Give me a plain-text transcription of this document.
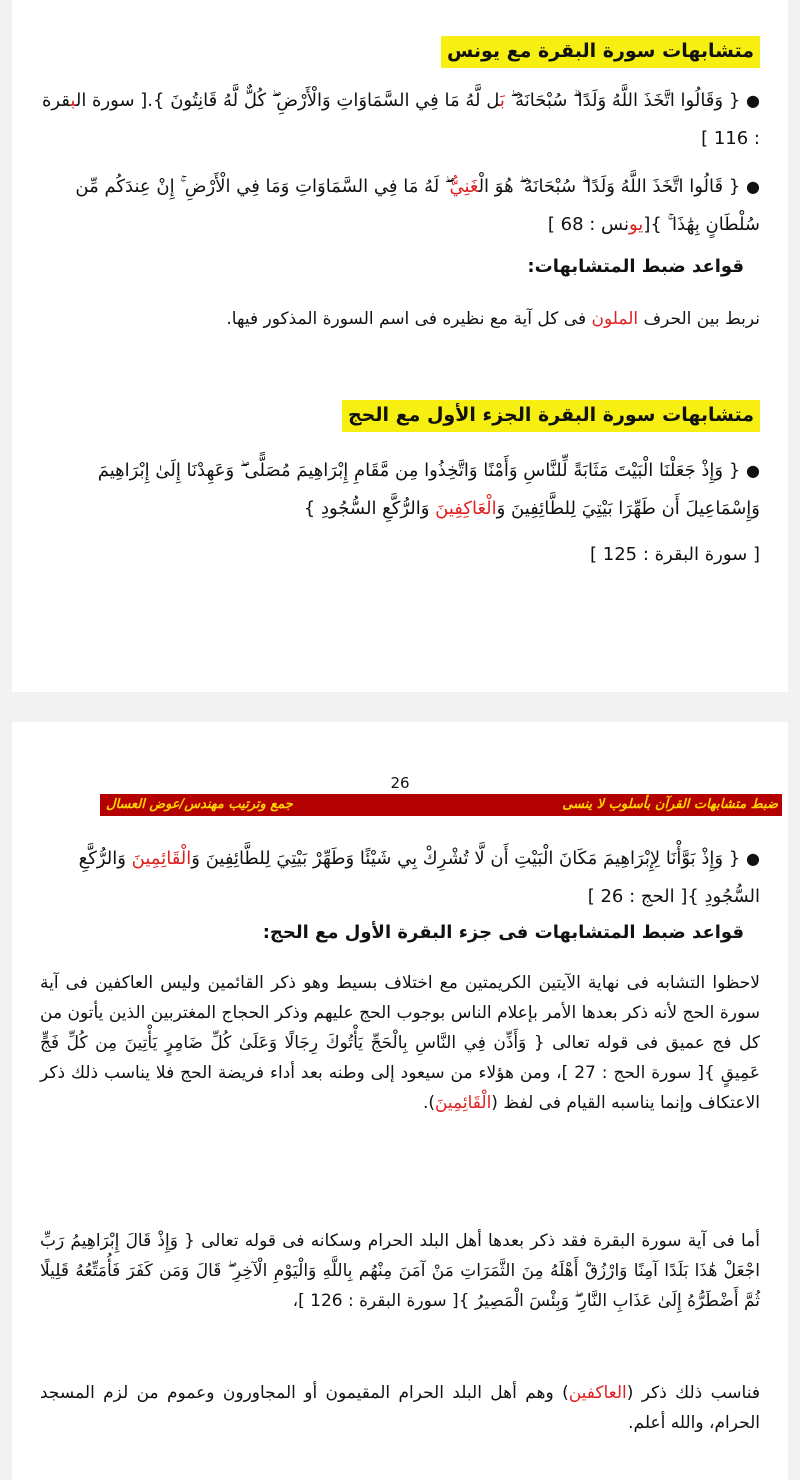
متشابهات سورة البقرة مع يونس
● { وَقَالُوا اتَّخَذَ اللَّهُ وَلَدًا ۗ سُبْحَانَهُ ۖ بَل لَّهُ مَا فِي السَّمَاوَاتِ وَالْأَرْضِ ۖ كُلٌّ لَّهُ قَانِتُونَ }.[ سورة البقرة : 116 ]
● { قَالُوا اتَّخَذَ اللَّهُ وَلَدًا ۗ سُبْحَانَهُ ۖ هُوَ الْغَنِيُّ ۖ لَهُ مَا فِي السَّمَاوَاتِ وَمَا فِي الْأَرْضِ ۚ إِنْ عِندَكُم مِّن سُلْطَانٍ بِهَٰذَا ۚ }[يونس : 68 ]
قواعد ضبط المتشابهات:
نربط بين الحرف الملون فى كل آية مع نظيره فى اسم السورة المذكور فيها.
متشابهات سورة البقرة الجزء الأول مع الحج
● { وَإِذْ جَعَلْنَا الْبَيْتَ مَثَابَةً لِّلنَّاسِ وَأَمْنًا وَاتَّخِذُوا مِن مَّقَامِ إِبْرَاهِيمَ مُصَلًّى ۖ وَعَهِدْنَا إِلَىٰ إِبْرَاهِيمَ وَإِسْمَاعِيلَ أَن طَهِّرَا بَيْتِيَ لِلطَّائِفِينَ وَالْعَاكِفِينَ وَالرُّكَّعِ السُّجُودِ }
[ سورة البقرة : 125 ]
26
ضبط متشابهات القرآن بأسلوب لا ينسى
جمع وترتيب مهندس/عوض العسال
● { وَإِذْ بَوَّأْنَا لِإِبْرَاهِيمَ مَكَانَ الْبَيْتِ أَن لَّا تُشْرِكْ بِي شَيْئًا وَطَهِّرْ بَيْتِيَ لِلطَّائِفِينَ وَالْقَائِمِينَ وَالرُّكَّعِ السُّجُودِ }[ الحج : 26 ]
قواعد ضبط المتشابهات فى جزء البقرة الأول مع الحج:
لاحظوا التشابه فى نهاية الآيتين الكريمتين مع اختلاف بسيط وهو ذكر القائمين وليس العاكفين فى آية سورة الحج لأنه ذكر بعدها الأمر بإعلام الناس بوجوب الحج عليهم وذكر الحجاج المغتربين الذين يأتون من كل فج عميق فى قوله تعالى { وَأَذِّن فِي النَّاسِ بِالْحَجِّ يَأْتُوكَ رِجَالًا وَعَلَىٰ كُلِّ ضَامِرٍ يَأْتِينَ مِن كُلِّ فَجٍّ عَمِيقٍ }[ سورة الحج : 27 ]، ومن هؤلاء من سيعود إلى وطنه بعد أداء فريضة الحج فلا يناسب ذلك ذكر الاعتكاف وإنما يناسبه القيام فى لفظ (الْقَائِمِينَ).
أما فى آية سورة البقرة فقد ذكر بعدها أهل البلد الحرام وسكانه فى قوله تعالى { وَإِذْ قَالَ إِبْرَاهِيمُ رَبِّ اجْعَلْ هَٰذَا بَلَدًا آمِنًا وَارْزُقْ أَهْلَهُ مِنَ الثَّمَرَاتِ مَنْ آمَنَ مِنْهُم بِاللَّهِ وَالْيَوْمِ الْآخِرِ ۖ قَالَ وَمَن كَفَرَ فَأُمَتِّعُهُ قَلِيلًا ثُمَّ أَضْطَرُّهُ إِلَىٰ عَذَابِ النَّارِ ۖ وَبِئْسَ الْمَصِيرُ }[ سورة البقرة : 126 ]،
فناسب ذلك ذكر (العاكفين) وهم أهل البلد الحرام المقيمون أو المجاورون وعموم من لزم المسجد الحرام، والله أعلم.
